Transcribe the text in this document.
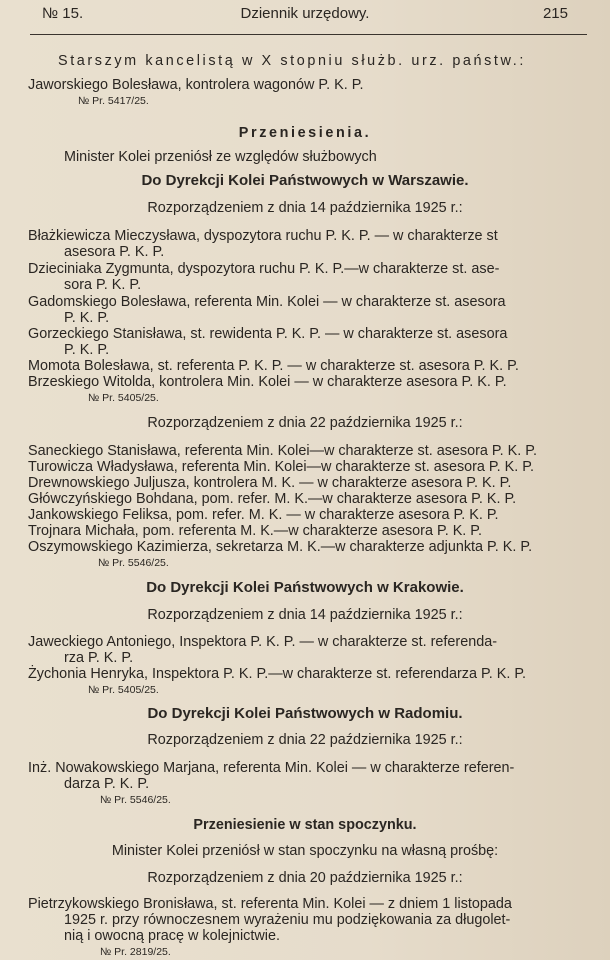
№ 15.	Dziennik urzędowy.	215
Starszym kancelistą w X stopniu służb. urz. państw.:
Jaworskiego Bolesława, kontrolera wagonów P. K. P.
№ Pr. 5417/25.
Przeniesienia.
Minister Kolei przeniósł ze względów służbowych
Do Dyrekcji Kolei Państwowych w Warszawie.
Rozporządzeniem z dnia 14 października 1925 r.:
Błażkiewicza Mieczysława, dyspozytora ruchu P. K. P. — w charakterze st
asesora P. K. P.
Dzieciniaka Zygmunta, dyspozytora ruchu P. K. P.—w charakterze st. ase-
sora P. K. P.
Gadomskiego Bolesława, referenta Min. Kolei — w charakterze st. asesora
P. K. P.
Gorzeckiego Stanisława, st. rewidenta P. K. P. — w charakterze st. asesora
P. K. P.
Momota Bolesława, st. referenta P. K. P. — w charakterze st. asesora P. K. P.
Brzeskiego Witolda, kontrolera Min. Kolei — w charakterze asesora P. K. P.
№ Pr. 5405/25.
Rozporządzeniem z dnia 22 października 1925 r.:
Saneckiego Stanisława, referenta Min. Kolei—w charakterze st. asesora P. K. P.
Turowicza Władysława, referenta Min. Kolei—w charakterze st. asesora P. K. P.
Drewnowskiego Juljusza, kontrolera M. K. — w charakterze asesora P. K. P.
Główczyńskiego Bohdana, pom. refer. M. K.—w charakterze asesora P. K. P.
Jankowskiego Feliksa, pom. refer. M. K. — w charakterze asesora P. K. P.
Trojnara Michała, pom. referenta M. K.—w charakterze asesora P. K. P.
Oszymowskiego Kazimierza, sekretarza M. K.—w charakterze adjunkta P. K. P.
№ Pr. 5546/25.
Do Dyrekcji Kolei Państwowych w Krakowie.
Rozporządzeniem z dnia 14 października 1925 r.:
Jaweckiego Antoniego, Inspektora P. K. P. — w charakterze st. referenda-
rza P. K. P.
Żychonia Henryka, Inspektora P. K. P.—w charakterze st. referendarza P. K. P.
№ Pr. 5405/25.
Do Dyrekcji Kolei Państwowych w Radomiu.
Rozporządzeniem z dnia 22 października 1925 r.:
Inż. Nowakowskiego Marjana, referenta Min. Kolei — w charakterze referen-
darza P. K. P.
№ Pr. 5546/25.
Przeniesienie w stan spoczynku.
Minister Kolei przeniósł w stan spoczynku na własną prośbę:
Rozporządzeniem z dnia 20 października 1925 r.:
Pietrzykowskiego Bronisława, st. referenta Min. Kolei — z dniem 1 listopada
1925 r. przy równoczesnem wyrażeniu mu podziękowania za długolet-
nią i owocną pracę w kolejnictwie.
№ Pr. 2819/25.
